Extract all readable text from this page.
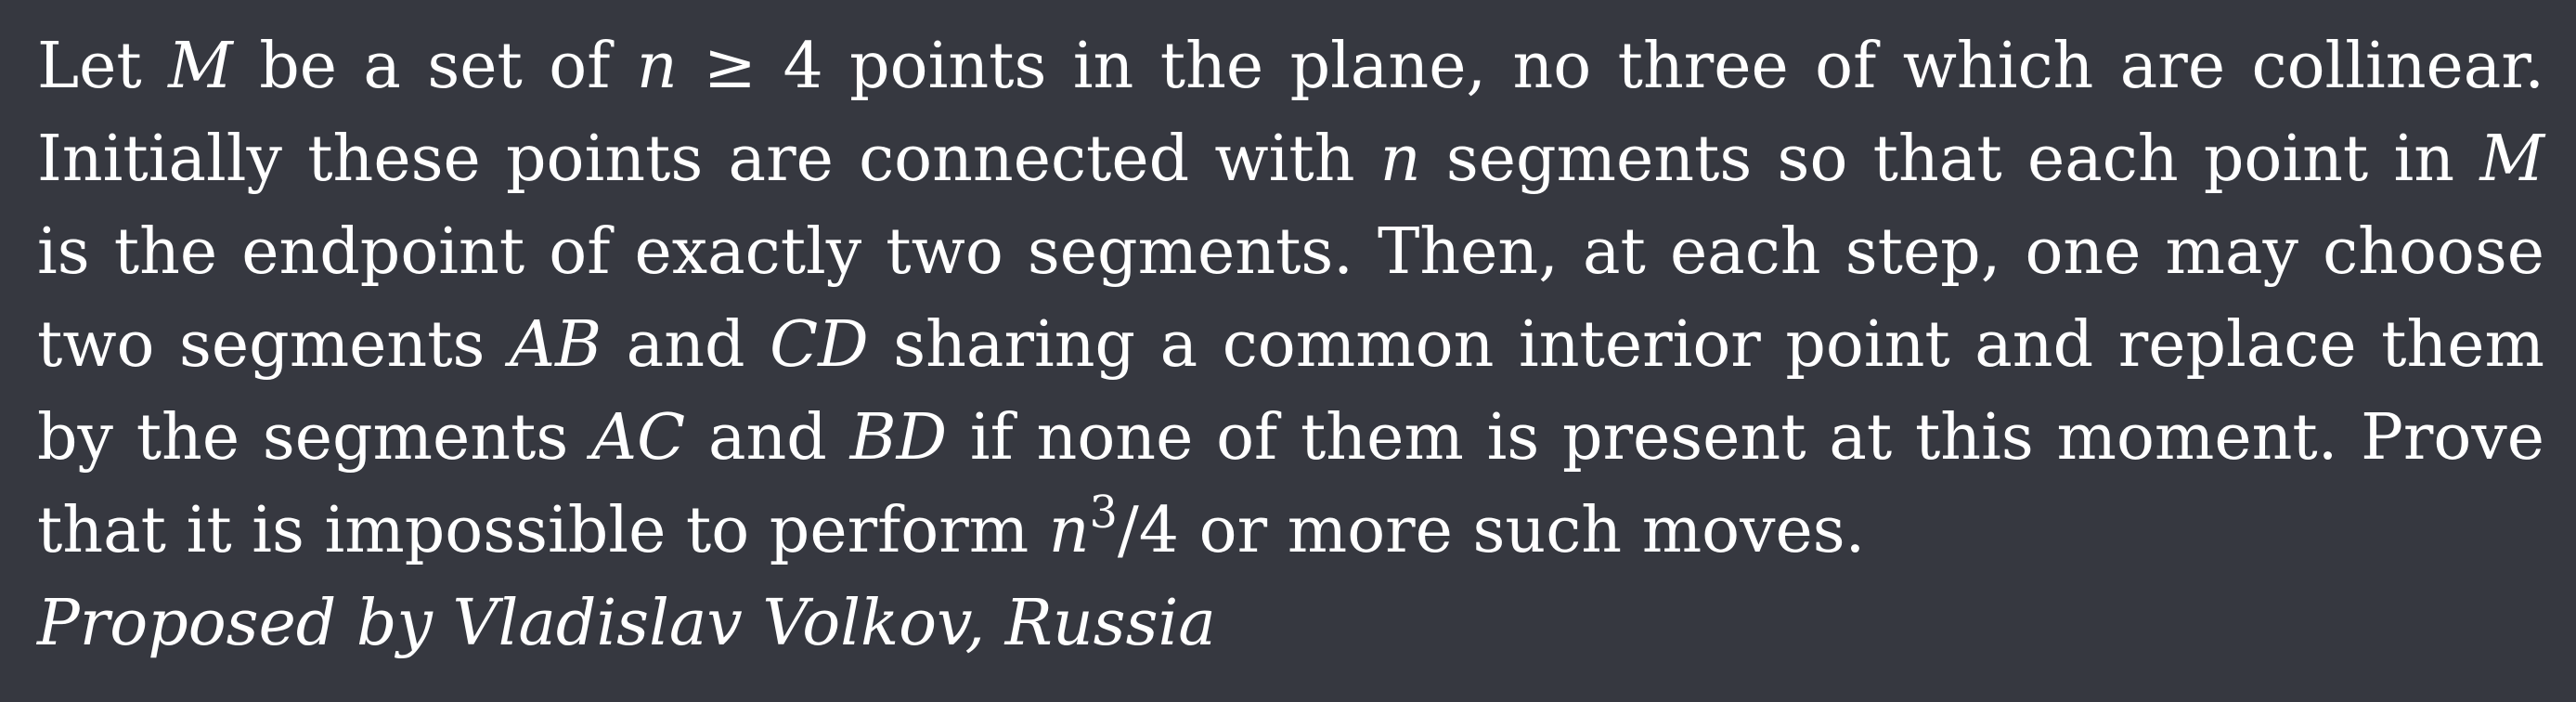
Let M be a set of n ≥ 4 points in the plane, no three of which are collinear.
Initially these points are connected with n segments so that each point in M
is the endpoint of exactly two segments. Then, at each step, one may choose
two segments AB and CD sharing a common interior point and replace them
by the segments AC and BD if none of them is present at this moment. Prove
that it is impossible to perform $n^3/4$ or more such moves.
Proposed by Vladislav Volkov, Russia
